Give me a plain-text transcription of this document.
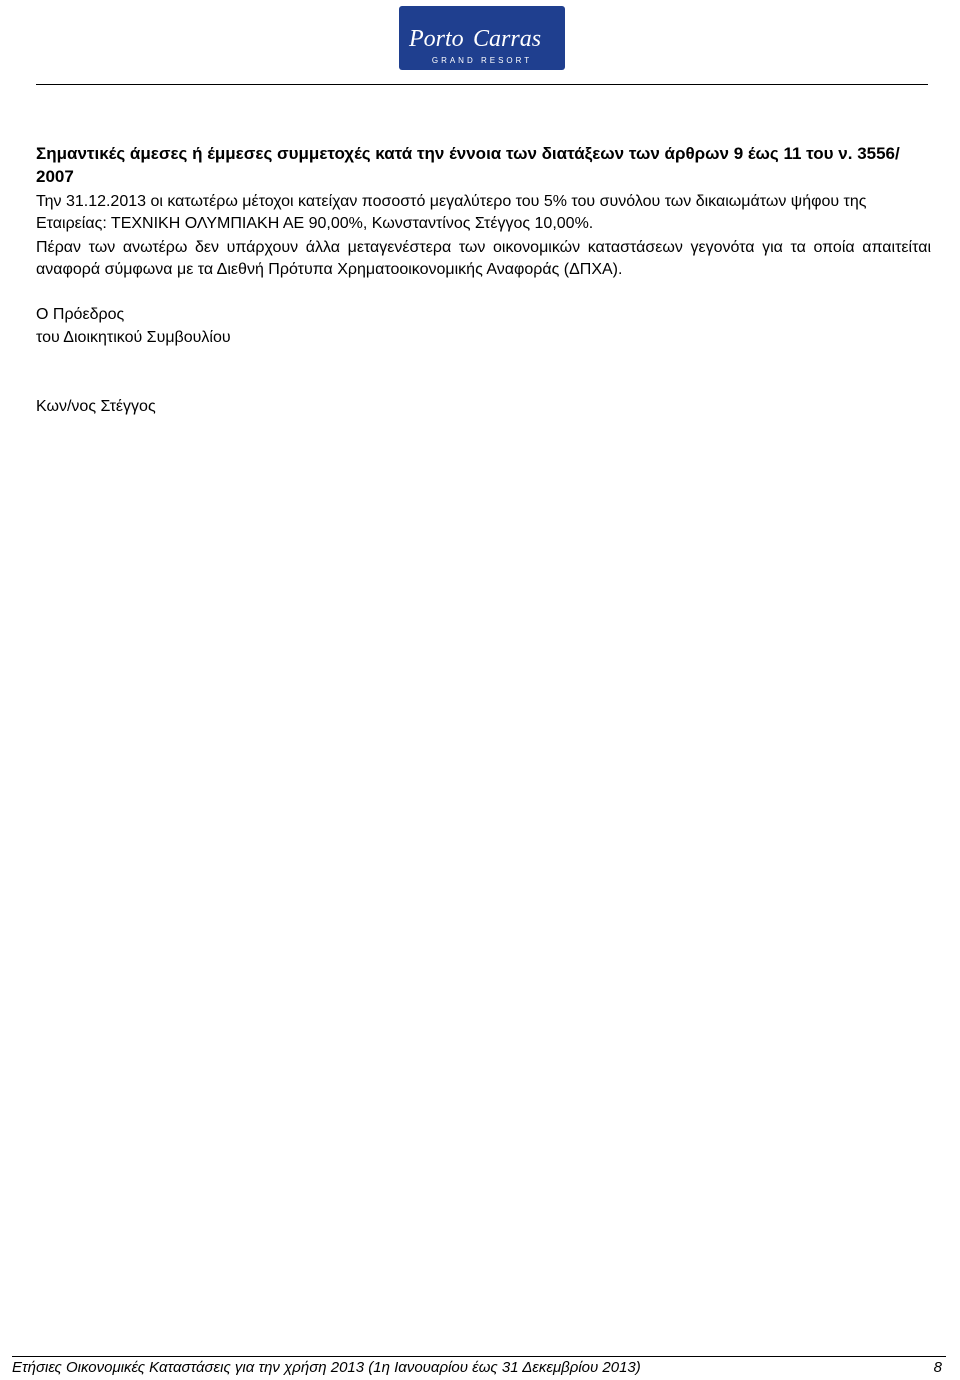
Porto Carras
GRAND RESORT

Σημαντικές άμεσες ή έμμεσες συμμετοχές κατά την έννοια των διατάξεων των άρθρων 9 έως 11 του ν. 3556/ 2007

Την 31.12.2013 οι κατωτέρω μέτοχοι κατείχαν ποσοστό μεγαλύτερο του 5% του συνόλου των δικαιωμάτων ψήφου της Εταιρείας: ΤΕΧΝΙΚΗ ΟΛΥΜΠΙΑΚΗ ΑΕ 90,00%, Κωνσταντίνος Στέγγος 10,00%.

Πέραν των ανωτέρω δεν υπάρχουν άλλα μεταγενέστερα των οικονομικών καταστάσεων γεγονότα για τα οποία απαιτείται αναφορά σύμφωνα με τα Διεθνή Πρότυπα Χρηματοοικονομικής Αναφοράς (ΔΠΧΑ).

Ο Πρόεδρος

του Διοικητικού Συμβουλίου

Κων/νος Στέγγος

Ετήσιες Οικονομικές Καταστάσεις για την χρήση 2013 (1η Ιανουαρίου έως 31 Δεκεμβρίου 2013)	8
